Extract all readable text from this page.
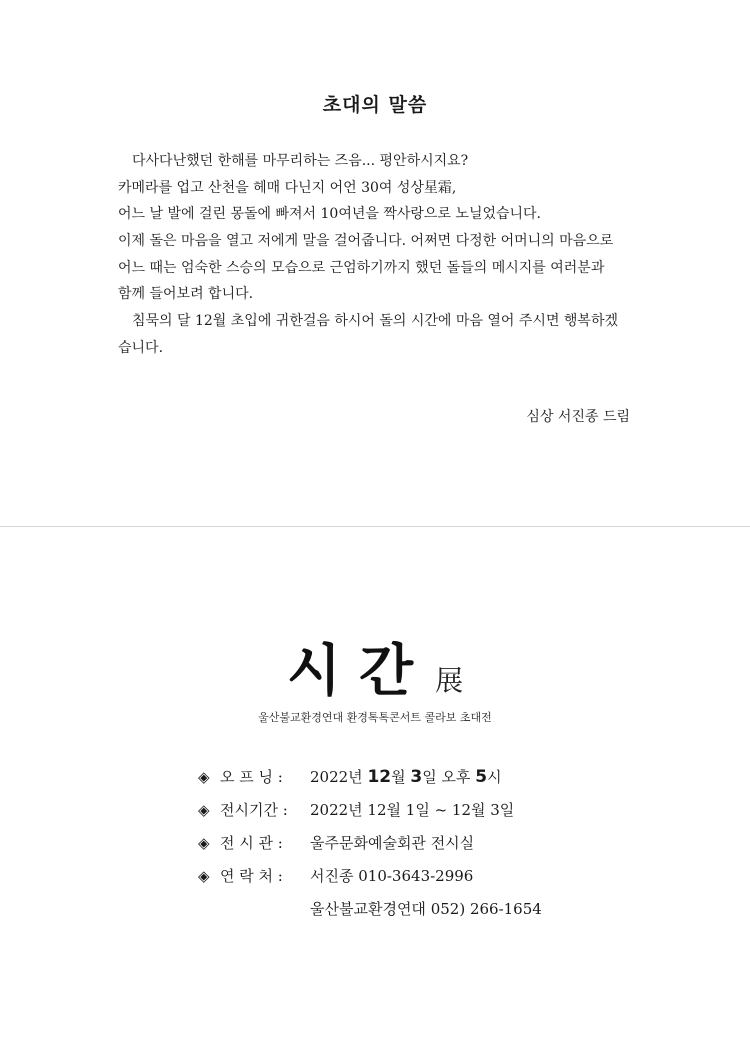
초대의 말씀
다사다난했던 한해를 마무리하는 즈음... 평안하시지요?
카메라를 업고 산천을 헤매 다닌지 어언 30여 성상星霜,
어느 날 발에 걸린 몽돌에 빠져서 10여년을 짝사랑으로 노닐었습니다.
이제 돌은 마음을 열고 저에게 말을 걸어줍니다. 어쩌면 다정한 어머니의 마음으로
어느 때는 엄숙한 스승의 모습으로 근엄하기까지 했던 돌들의 메시지를 여러분과
함께 들어보려 합니다.
침묵의 달 12월 초입에 귀한걸음 하시어 돌의 시간에 마음 열어 주시면 행복하겠
습니다.
심상 서진종 드림
시간 展
울산불교환경연대 환경톡톡콘서트 콜라보 초대전
◈ 오 프 닝 :	2022년 12월 3일 오후 5시
◈ 전시기간 :	2022년 12월 1일 ~ 12월 3일
◈ 전 시 관 :	울주문화예술회관 전시실
◈ 연 락 처 :	서진종 010-3643-2996
울산불교환경연대 052) 266-1654
